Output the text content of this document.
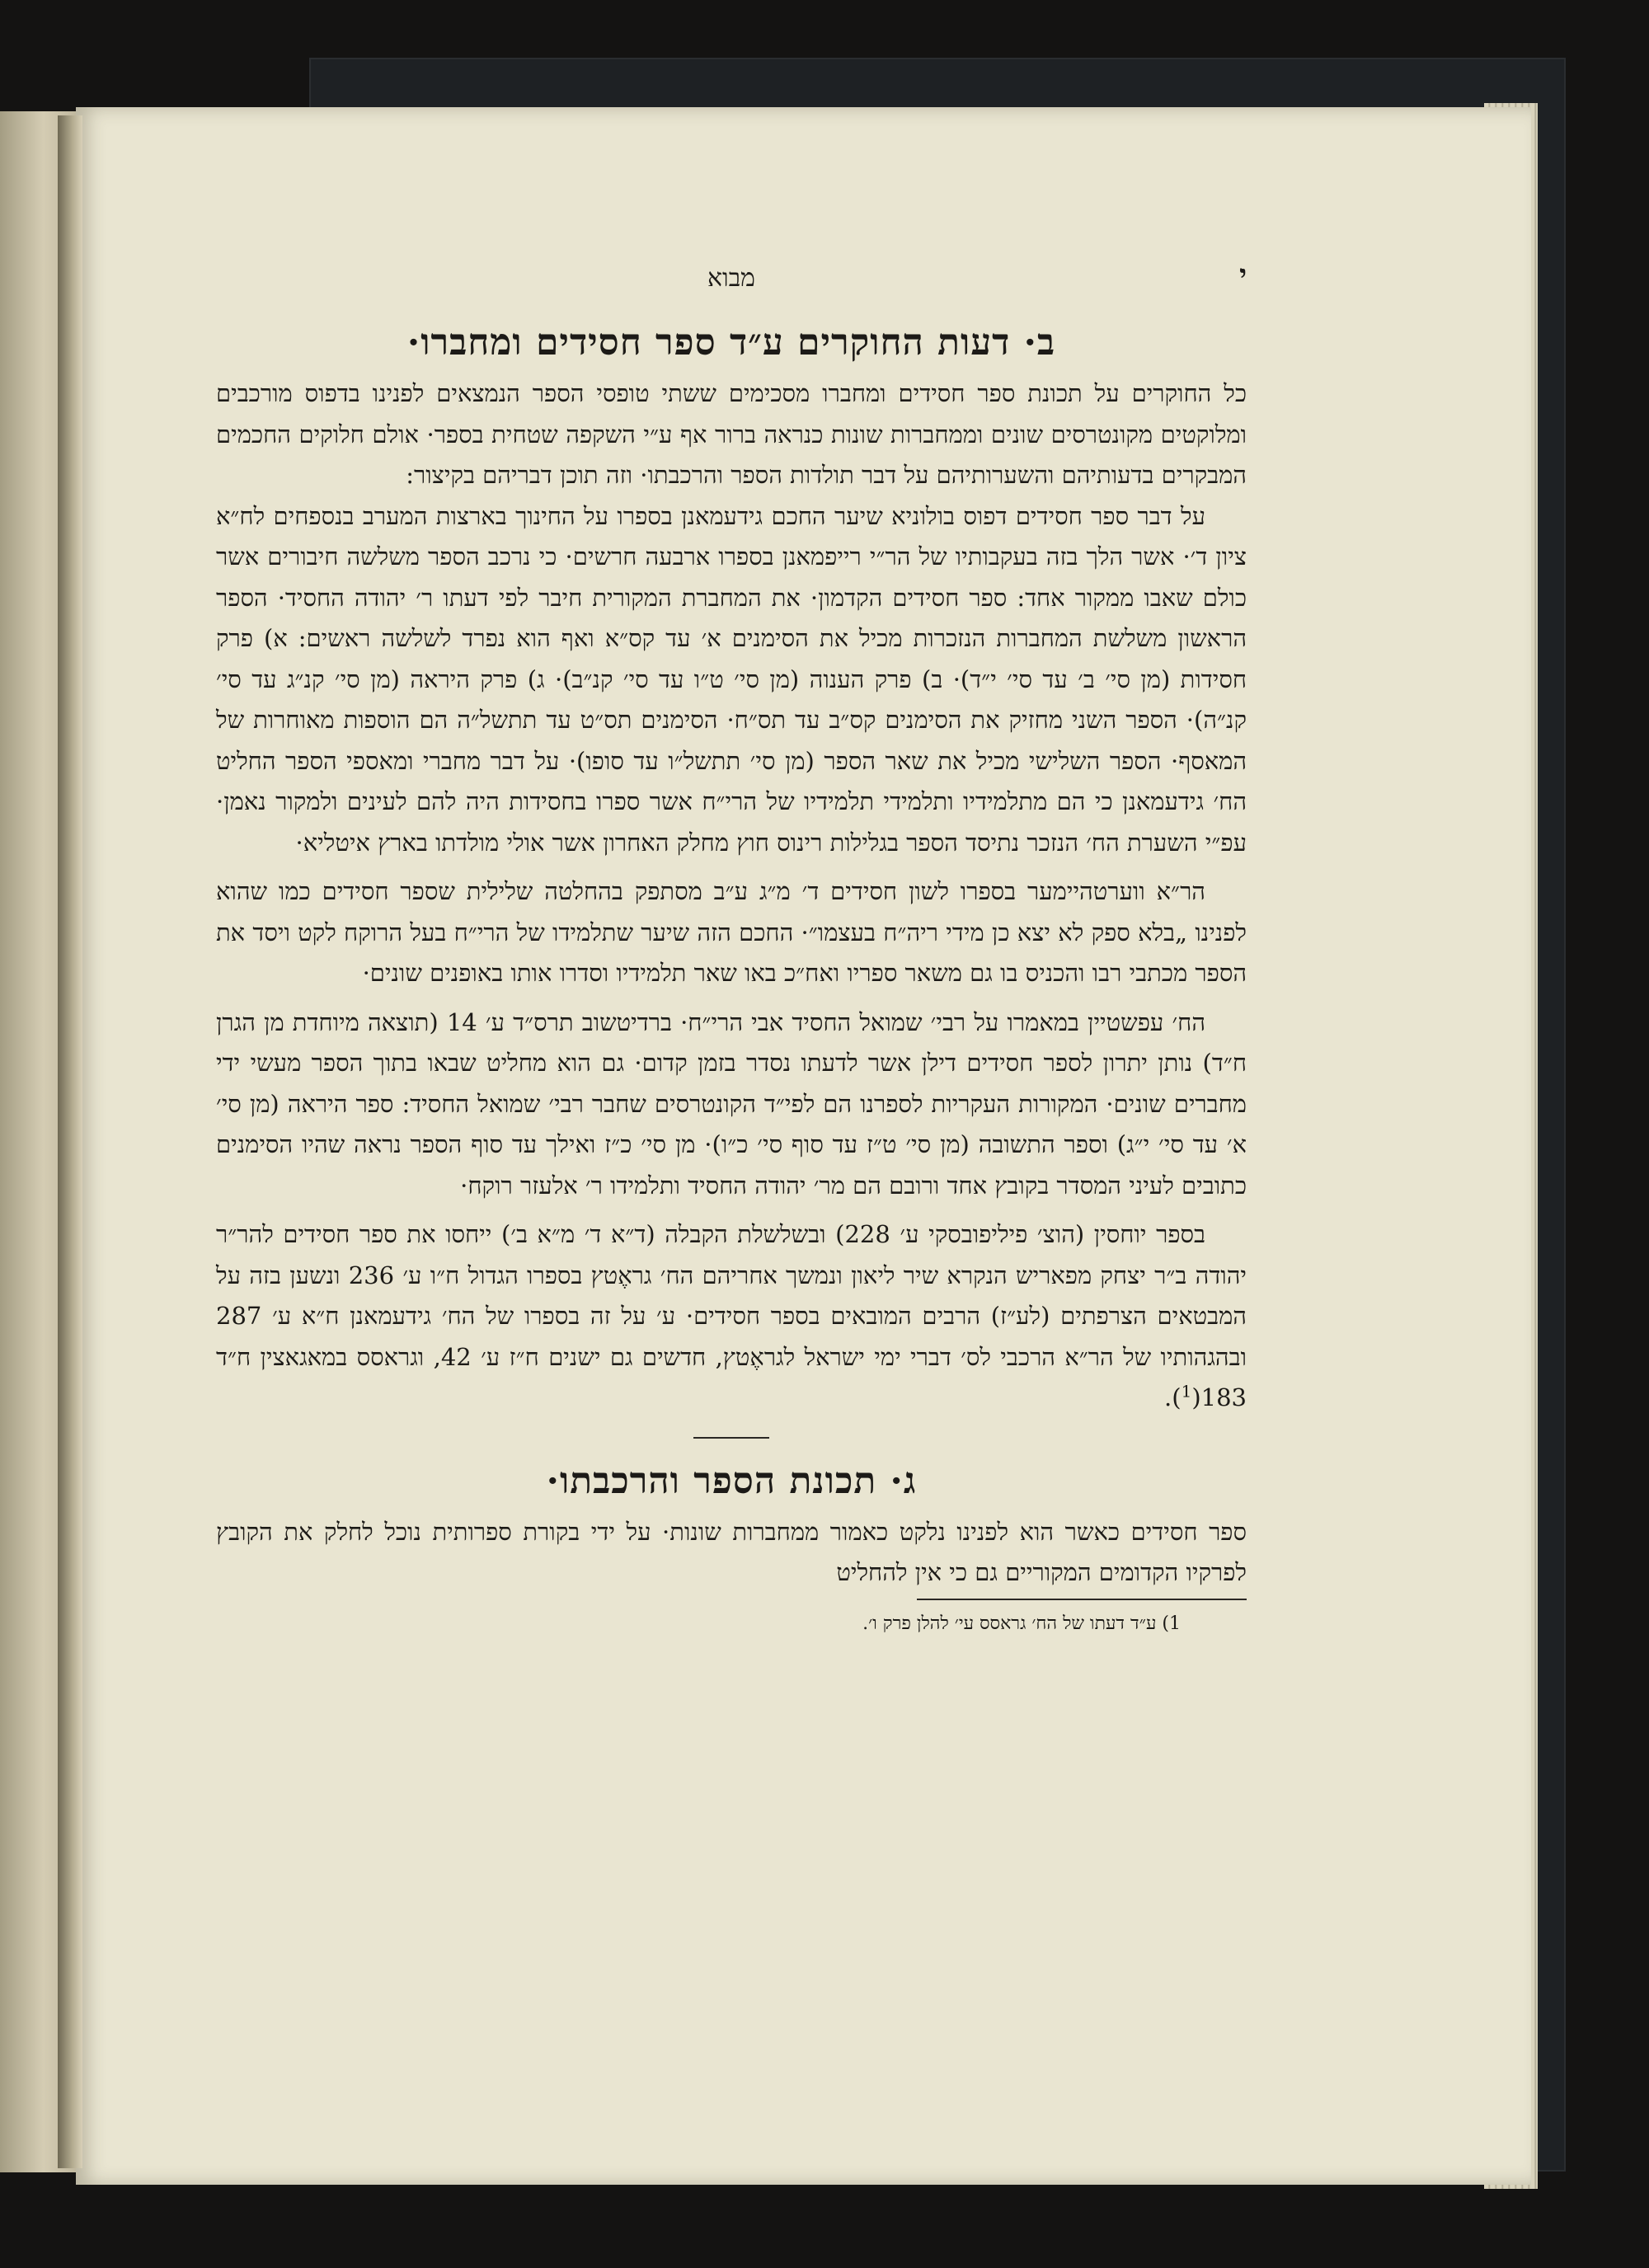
י
מבוא
ב· דעות החוקרים ע״ד ספר חסידים ומחברו·

כל החוקרים על תכונת ספר חסידים ומחברו מסכימים ששתי טופסי הספר הנמצאים לפנינו בדפוס מורכבים ומלוקטים מקונטרסים שונים וממחברות שונות כנראה ברור אף ע״י השקפה שטחית בספר· אולם חלוקים החכמים המבקרים בדעותיהם והשערותיהם על דבר תולדות הספר והרכבתו· וזה תוכן דבריהם בקיצור:

על דבר ספר חסידים דפוס בולוניא שיער החכם גידעמאנן בספרו על החינוך בארצות המערב בנספחים לח״א ציון ד׳· אשר הלך בזה בעקבותיו של הר״י רייפמאנן בספרו ארבעה חרשים· כי נרכב הספר משלשה חיבורים אשר כולם שאבו ממקור אחד: ספר חסידים הקדמון· את המחברת המקורית חיבר לפי דעתו ר׳ יהודה החסיד· הספר הראשון משלשת המחברות הנזכרות מכיל את הסימנים א׳ עד קס״א ואף הוא נפרד לשלשה ראשים: א) פרק חסידות (מן סי׳ ב׳ עד סי׳ י״ד)· ב) פרק הענוה (מן סי׳ ט״ו עד סי׳ קנ״ב)· ג) פרק היראה (מן סי׳ קנ״ג עד סי׳ קנ״ה)· הספר השני מחזיק את הסימנים קס״ב עד תס״ח· הסימנים תס״ט עד תתשל״ה הם הוספות מאוחרות של המאסף· הספר השלישי מכיל את שאר הספר (מן סי׳ תתשל״ו עד סופו)· על דבר מחברי ומאספי הספר החליט הח׳ גידעמאנן כי הם מתלמידיו ותלמידי תלמידיו של הרי״ח אשר ספרו בחסידות היה להם לעינים ולמקור נאמן· עפ״י השערת הח׳ הנזכר נתיסד הספר בגלילות רינוס חוץ מחלק האחרון אשר אולי מולדתו בארץ איטליא·

הר״א ווערטהיימער בספרו לשון חסידים ד׳ מ״ג ע״ב מסתפק בהחלטה שלילית שספר חסידים כמו שהוא לפנינו „בלא ספק לא יצא כן מידי ריה״ח בעצמו״· החכם הזה שיער שתלמידו של הרי״ח בעל הרוקח לקט ויסד את הספר מכתבי רבו והכניס בו גם משאר ספריו ואח״כ באו שאר תלמידיו וסדרו אותו באופנים שונים·

הח׳ עפשטיין במאמרו על רבי׳ שמואל החסיד אבי הרי״ח· ברדיטשוב תרס״ד ע׳ 14 (תוצאה מיוחדת מן הגרן ח״ד) נותן יתרון לספר חסידים דילן אשר לדעתו נסדר בזמן קדום· גם הוא מחליט שבאו בתוך הספר מעשי ידי מחברים שונים· המקורות העקריות לספרנו הם לפי״ד הקונטרסים שחבר רבי׳ שמואל החסיד: ספר היראה (מן סי׳ א׳ עד סי׳ י״ג) וספר התשובה (מן סי׳ ט״ז עד סוף סי׳ כ״ו)· מן סי׳ כ״ז ואילך עד סוף הספר נראה שהיו הסימנים כתובים לעיני המסדר בקובץ אחד ורובם הם מר׳ יהודה החסיד ותלמידו ר׳ אלעזר רוקח·

בספר יוחסין (הוצ׳ פיליפובסקי ע׳ 228) ובשלשלת הקבלה (ד״א ד׳ מ״א ב׳) ייחסו את ספר חסידים להר״ר יהודה ב״ר יצחק מפאריש הנקרא שיר ליאון ונמשך אחריהם הח׳ גראֶטץ בספרו הגדול ח״ו ע׳ 236 ונשען בזה על המבטאים הצרפתים (לע״ז) הרבים המובאים בספר חסידים· ע׳ על זה בספרו של הח׳ גידעמאנן ח״א ע׳ 287 ובהגהותיו של הר״א הרכבי לס׳ דברי ימי ישראל לגראֶטץ, חדשים גם ישנים ח״ז ע׳ 42, וגראסס במאגאצין ח״ד 183($^1$).

ג· תכונת הספר והרכבתו·

ספר חסידים כאשר הוא לפנינו נלקט כאמור ממחברות שונות· על ידי בקורת ספרותית נוכל לחלק את הקובץ לפרקיו הקדומים המקוריים גם כי אין להחליט

1) ע״ד דעתו של הח׳ גראסס עי׳ להלן פרק ו׳.
